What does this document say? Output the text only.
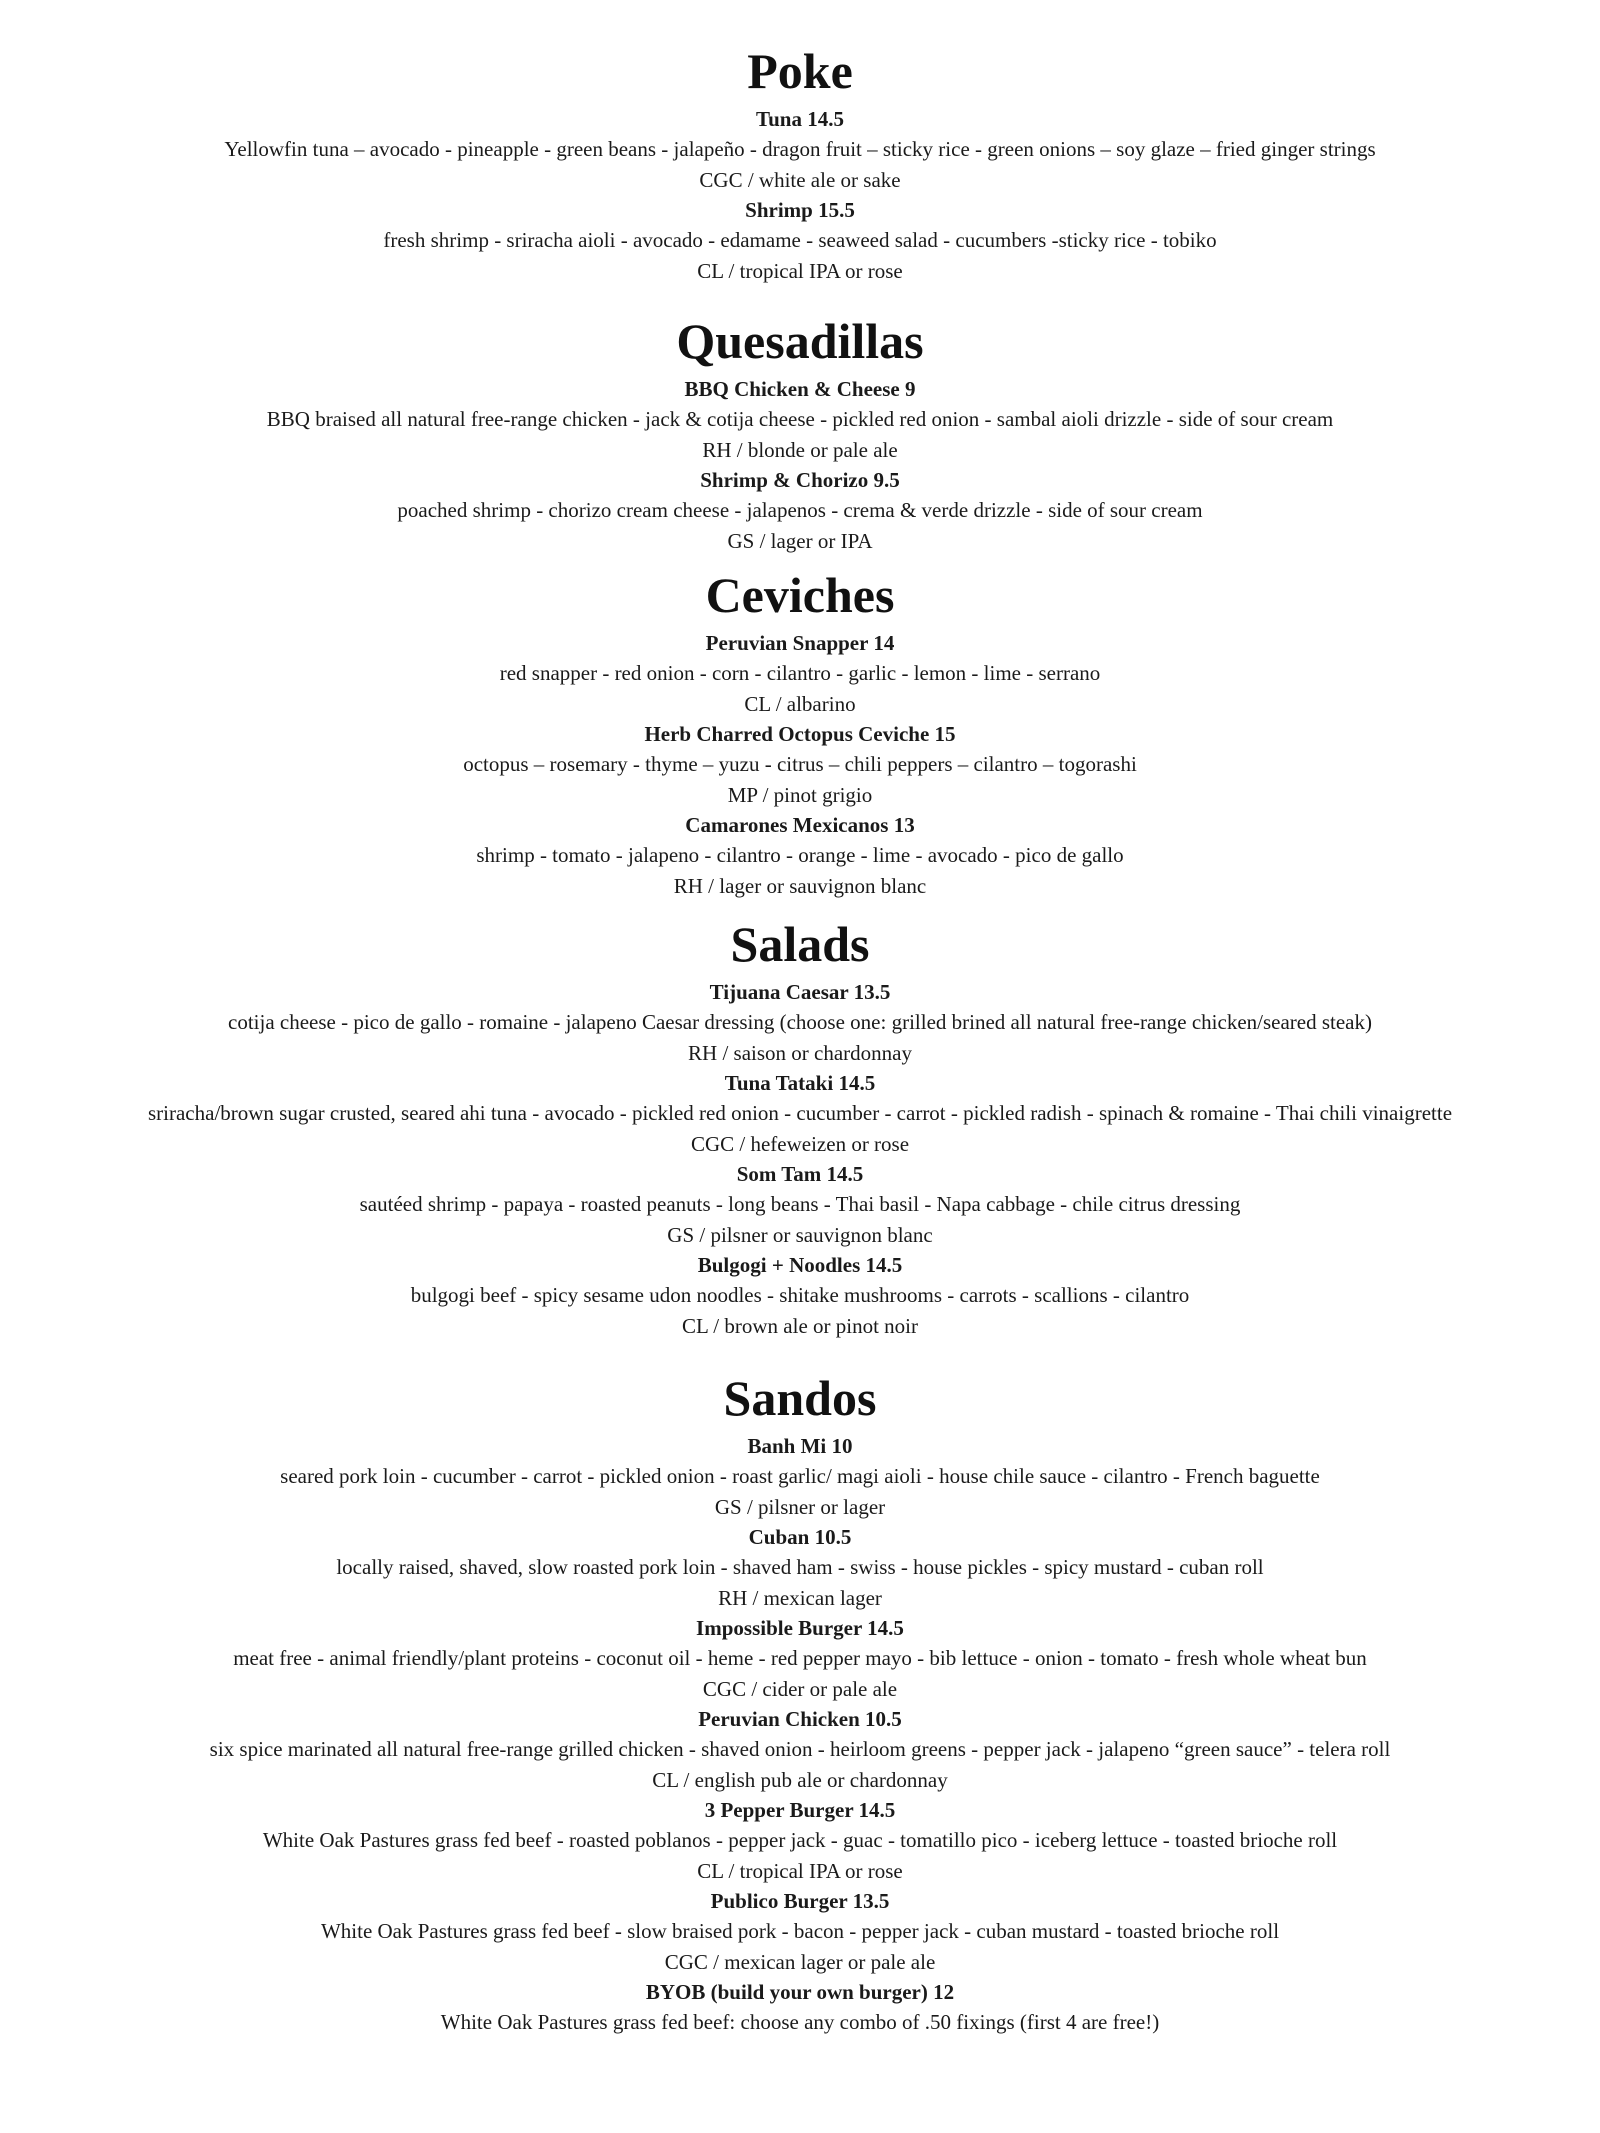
Poke
Tuna 14.5
Yellowfin tuna – avocado - pineapple - green beans - jalapeño - dragon fruit – sticky rice - green onions – soy glaze – fried ginger strings
CGC / white ale or sake
Shrimp 15.5
fresh shrimp - sriracha aioli - avocado - edamame - seaweed salad - cucumbers -sticky rice - tobiko
CL / tropical IPA or rose
Quesadillas
BBQ Chicken & Cheese 9
BBQ braised all natural free-range chicken - jack & cotija cheese - pickled red onion - sambal aioli drizzle - side of sour cream
RH / blonde or pale ale
Shrimp & Chorizo 9.5
poached shrimp - chorizo cream cheese - jalapenos - crema & verde drizzle - side of sour cream
GS / lager or IPA
Ceviches
Peruvian Snapper 14
red snapper - red onion - corn - cilantro - garlic - lemon - lime - serrano
CL / albarino
Herb Charred Octopus Ceviche 15
octopus – rosemary - thyme – yuzu - citrus – chili peppers – cilantro – togorashi
MP / pinot grigio
Camarones Mexicanos 13
shrimp - tomato - jalapeno - cilantro - orange - lime - avocado - pico de gallo
RH / lager or sauvignon blanc
Salads
Tijuana Caesar 13.5
cotija cheese - pico de gallo - romaine - jalapeno Caesar dressing (choose one: grilled brined all natural free-range chicken/seared steak)
RH / saison or chardonnay
Tuna Tataki 14.5
sriracha/brown sugar crusted, seared ahi tuna - avocado - pickled red onion - cucumber - carrot - pickled radish - spinach & romaine - Thai chili vinaigrette
CGC / hefeweizen or rose
Som Tam 14.5
sautéed shrimp - papaya - roasted peanuts - long beans - Thai basil - Napa cabbage - chile citrus dressing
GS / pilsner or sauvignon blanc
Bulgogi + Noodles 14.5
bulgogi beef - spicy sesame udon noodles - shitake mushrooms - carrots - scallions - cilantro
CL / brown ale or pinot noir
Sandos
Banh Mi 10
seared pork loin - cucumber - carrot - pickled onion - roast garlic/ magi aioli - house chile sauce - cilantro - French baguette
GS / pilsner or lager
Cuban 10.5
locally raised, shaved, slow roasted pork loin - shaved ham - swiss - house pickles - spicy mustard - cuban roll
RH / mexican lager
Impossible Burger 14.5
meat free - animal friendly/plant proteins - coconut oil - heme - red pepper mayo - bib lettuce - onion - tomato - fresh whole wheat bun
CGC / cider or pale ale
Peruvian Chicken 10.5
six spice marinated all natural free-range grilled chicken - shaved onion - heirloom greens - pepper jack - jalapeno “green sauce” - telera roll
CL / english pub ale or chardonnay
3 Pepper Burger 14.5
White Oak Pastures grass fed beef - roasted poblanos - pepper jack - guac - tomatillo pico - iceberg lettuce - toasted brioche roll
CL / tropical IPA or rose
Publico Burger 13.5
White Oak Pastures grass fed beef - slow braised pork - bacon - pepper jack - cuban mustard - toasted brioche roll
CGC / mexican lager or pale ale
BYOB (build your own burger) 12
White Oak Pastures grass fed beef: choose any combo of .50 fixings (first 4 are free!)
